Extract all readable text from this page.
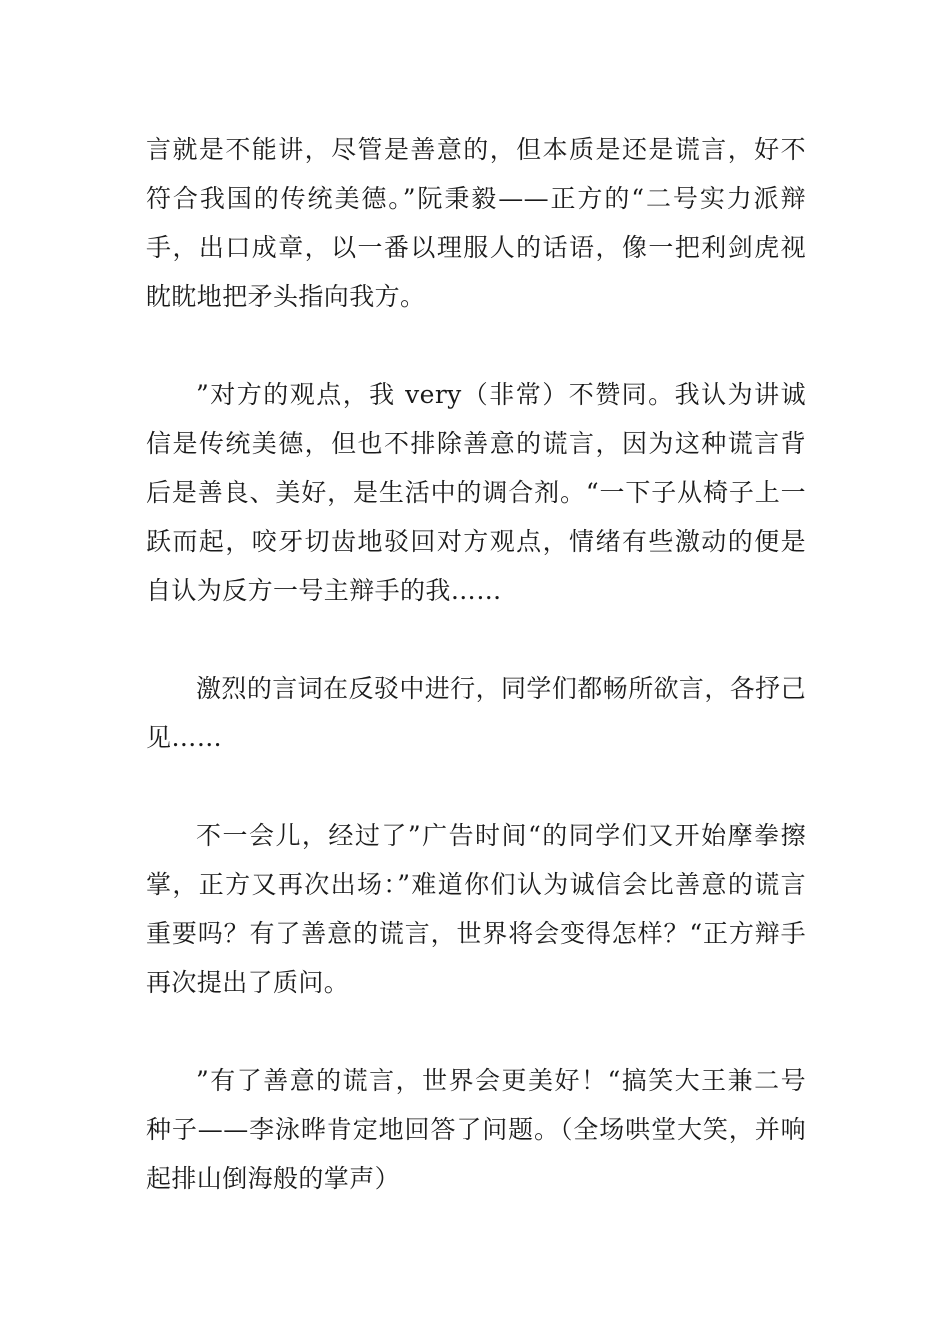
言就是不能讲，尽管是善意的，但本质是还是谎言，好不符合我国的传统美德。”阮秉毅——正方的“二号实力派辩手，出口成章，以一番以理服人的话语，像一把利剑虎视眈眈地把矛头指向我方。

”对方的观点，我 very（非常）不赞同。我认为讲诚信是传统美德，但也不排除善意的谎言，因为这种谎言背后是善良、美好，是生活中的调合剂。“一下子从椅子上一跃而起，咬牙切齿地驳回对方观点，情绪有些激动的便是自认为反方一号主辩手的我……

激烈的言词在反驳中进行，同学们都畅所欲言，各抒己见……

不一会儿，经过了”广告时间“的同学们又开始摩拳擦掌，正方又再次出场：”难道你们认为诚信会比善意的谎言重要吗？有了善意的谎言，世界将会变得怎样？“正方辩手再次提出了质问。

”有了善意的谎言，世界会更美好！“搞笑大王兼二号种子——李泳晔肯定地回答了问题。（全场哄堂大笑，并响起排山倒海般的掌声）
